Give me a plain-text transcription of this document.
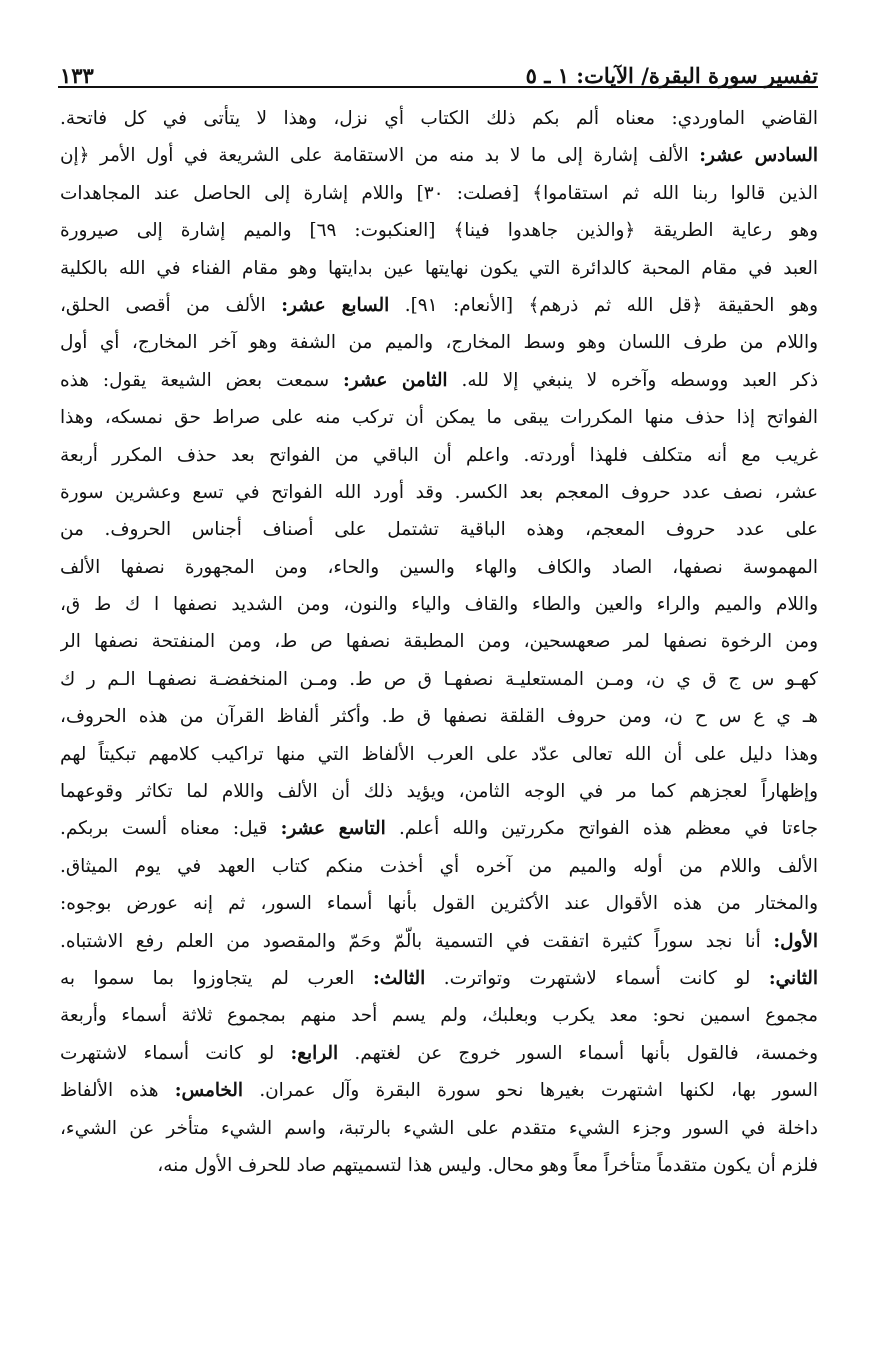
تفسير سورة البقرة/ الآيات: ١ ـ ٥
١٣٣
القاضي الماوردي: معناه ألم بكم ذلك الكتاب أي نزل، وهذا لا يتأتى في كل فاتحة.
السادس عشر: الألف إشارة إلى ما لا بد منه من الاستقامة على الشريعة في أول الأمر ﴿إن
الذين قالوا ربنا الله ثم استقاموا﴾ [فصلت: ٣٠] واللام إشارة إلى الحاصل عند المجاهدات
وهو رعاية الطريقة ﴿والذين جاهدوا فينا﴾ [العنكبوت: ٦٩] والميم إشارة إلى صيرورة
العبد في مقام المحبة كالدائرة التي يكون نهايتها عين بدايتها وهو مقام الفناء في الله بالكلية
وهو الحقيقة ﴿قل الله ثم ذرهم﴾ [الأنعام: ٩١]. السابع عشر: الألف من أقصى الحلق،
واللام من طرف اللسان وهو وسط المخارج، والميم من الشفة وهو آخر المخارج، أي أول
ذكر العبد ووسطه وآخره لا ينبغي إلا لله. الثامن عشر: سمعت بعض الشيعة يقول: هذه
الفواتح إذا حذف منها المكررات يبقى ما يمكن أن تركب منه على صراط حق نمسكه، وهذا
غريب مع أنه متكلف فلهذا أوردته. واعلم أن الباقي من الفواتح بعد حذف المكرر أربعة
عشر، نصف عدد حروف المعجم بعد الكسر. وقد أورد الله الفواتح في تسع وعشرين سورة
على عدد حروف المعجم، وهذه الباقية تشتمل على أصناف أجناس الحروف. من
المهموسة نصفها، الصاد والكاف والهاء والسين والحاء، ومن المجهورة نصفها الألف
واللام والميم والراء والعين والطاء والقاف والياء والنون، ومن الشديد نصفها ا ك ط ق،
ومن الرخوة نصفها لمر صعهسحين، ومن المطبقة نصفها ص ط، ومن المنفتحة نصفها الر
كهـو س ج ق ي ن، ومـن المستعليـة نصفهـا ق ص ط. ومـن المنخفضـة نصفهـا الـم ر ك
هـ ي ع س ح ن، ومن حروف القلقة نصفها ق ط. وأكثر ألفاظ القرآن من هذه الحروف،
وهذا دليل على أن الله تعالى عدّد على العرب الألفاظ التي منها تراكيب كلامهم تبكيتاً لهم
وإظهاراً لعجزهم كما مر في الوجه الثامن، ويؤيد ذلك أن الألف واللام لما تكاثر وقوعهما
جاءتا في معظم هذه الفواتح مكررتين والله أعلم. التاسع عشر: قيل: معناه ألست بربكم.
الألف واللام من أوله والميم من آخره أي أخذت منكم كتاب العهد في يوم الميثاق.
والمختار من هذه الأقوال عند الأكثرين القول بأنها أسماء السور، ثم إنه عورض بوجوه:
الأول: أنا نجد سوراً كثيرة اتفقت في التسمية بالّمّ وحَمّ والمقصود من العلم رفع الاشتباه.
الثاني: لو كانت أسماء لاشتهرت وتواترت. الثالث: العرب لم يتجاوزوا بما سموا به
مجموع اسمين نحو: معد يكرب وبعلبك، ولم يسم أحد منهم بمجموع ثلاثة أسماء وأربعة
وخمسة، فالقول بأنها أسماء السور خروج عن لغتهم. الرابع: لو كانت أسماء لاشتهرت
السور بها، لكنها اشتهرت بغيرها نحو سورة البقرة وآل عمران. الخامس: هذه الألفاظ
داخلة في السور وجزء الشيء متقدم على الشيء بالرتبة، واسم الشيء متأخر عن الشيء،
فلزم أن يكون متقدماً متأخراً معاً وهو محال. وليس هذا لتسميتهم صاد للحرف الأول منه،
